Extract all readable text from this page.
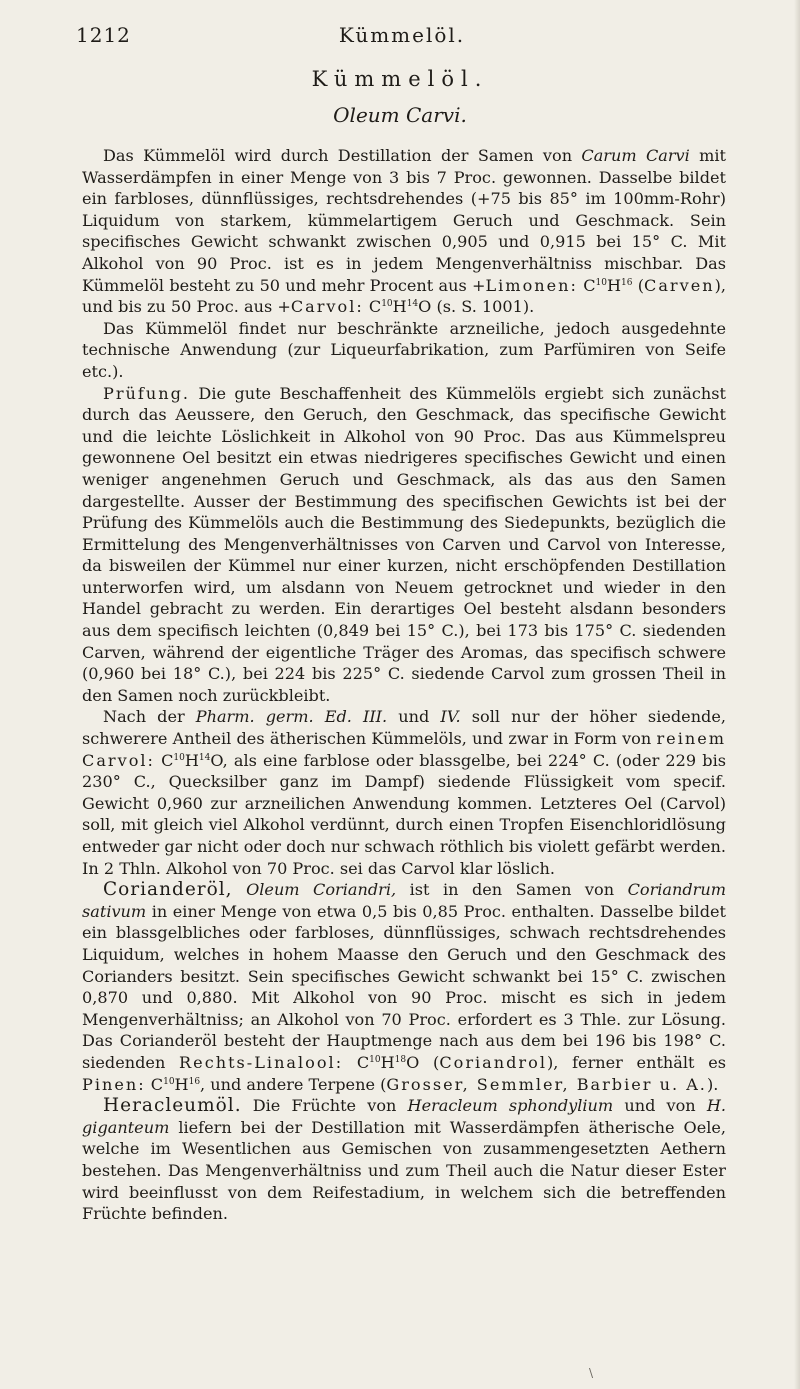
1212	Kümmelöl.
Kümmelöl.
Oleum Carvi.

Das Kümmelöl wird durch Destillation der Samen von Carum Carvi mit Wasserdämpfen in einer Menge von 3 bis 7 Proc. gewonnen. Dasselbe bildet ein farbloses, dünnflüssiges, rechtsdrehendes (+75 bis 85° im 100mm-Rohr) Liquidum von starkem, kümmelartigem Geruch und Geschmack. Sein specifisches Gewicht schwankt zwischen 0,905 und 0,915 bei 15° C. Mit Alkohol von 90 Proc. ist es in jedem Mengenverhältniss mischbar. Das Kümmelöl besteht zu 50 und mehr Procent aus +Limonen: $C^{10}H^{16}$ (Carven), und bis zu 50 Proc. aus +Carvol: $C^{10}H^{14}O$ (s. S. 1001).

Das Kümmelöl findet nur beschränkte arzneiliche, jedoch ausgedehnte technische Anwendung (zur Liqueurfabrikation, zum Parfümiren von Seife etc.).

Prüfung. Die gute Beschaffenheit des Kümmelöls ergiebt sich zunächst durch das Aeussere, den Geruch, den Geschmack, das specifische Gewicht und die leichte Löslichkeit in Alkohol von 90 Proc. Das aus Kümmelspreu gewonnene Oel besitzt ein etwas niedrigeres specifisches Gewicht und einen weniger angenehmen Geruch und Geschmack, als das aus den Samen dargestellte. Ausser der Bestimmung des specifischen Gewichts ist bei der Prüfung des Kümmelöls auch die Bestimmung des Siedepunkts, bezüglich die Ermittelung des Mengenverhältnisses von Carven und Carvol von Interesse, da bisweilen der Kümmel nur einer kurzen, nicht erschöpfenden Destillation unterworfen wird, um alsdann von Neuem getrocknet und wieder in den Handel gebracht zu werden. Ein derartiges Oel besteht alsdann besonders aus dem specifisch leichten (0,849 bei 15° C.), bei 173 bis 175° C. siedenden Carven, während der eigentliche Träger des Aromas, das specifisch schwere (0,960 bei 18° C.), bei 224 bis 225° C. siedende Carvol zum grossen Theil in den Samen noch zurückbleibt.

Nach der Pharm. germ. Ed. III. und IV. soll nur der höher siedende, schwerere Antheil des ätherischen Kümmelöls, und zwar in Form von reinem Carvol: $C^{10}H^{14}O$, als eine farblose oder blassgelbe, bei 224° C. (oder 229 bis 230° C., Quecksilber ganz im Dampf) siedende Flüssigkeit vom specif. Gewicht 0,960 zur arzneilichen Anwendung kommen. Letzteres Oel (Carvol) soll, mit gleich viel Alkohol verdünnt, durch einen Tropfen Eisenchloridlösung entweder gar nicht oder doch nur schwach röthlich bis violett gefärbt werden. In 2 Thln. Alkohol von 70 Proc. sei das Carvol klar löslich.

Corianderöl, Oleum Coriandri, ist in den Samen von Coriandrum sativum in einer Menge von etwa 0,5 bis 0,85 Proc. enthalten. Dasselbe bildet ein blassgelbliches oder farbloses, dünnflüssiges, schwach rechtsdrehendes Liquidum, welches in hohem Maasse den Geruch und den Geschmack des Corianders besitzt. Sein specifisches Gewicht schwankt bei 15° C. zwischen 0,870 und 0,880. Mit Alkohol von 90 Proc. mischt es sich in jedem Mengenverhältniss; an Alkohol von 70 Proc. erfordert es 3 Thle. zur Lösung. Das Corianderöl besteht der Hauptmenge nach aus dem bei 196 bis 198° C. siedenden Rechts-Linalool: $C^{10}H^{18}O$ (Coriandrol), ferner enthält es Pinen: $C^{10}H^{16}$, und andere Terpene (Grosser, Semmler, Barbier u. A.).

Heracleumöl. Die Früchte von Heracleum sphondylium und von H. giganteum liefern bei der Destillation mit Wasserdämpfen ätherische Oele, welche im Wesentlichen aus Gemischen von zusammengesetzten Aethern bestehen. Das Mengenverhältniss und zum Theil auch die Natur dieser Ester wird beeinflusst von dem Reifestadium, in welchem sich die betreffenden Früchte befinden.

\
